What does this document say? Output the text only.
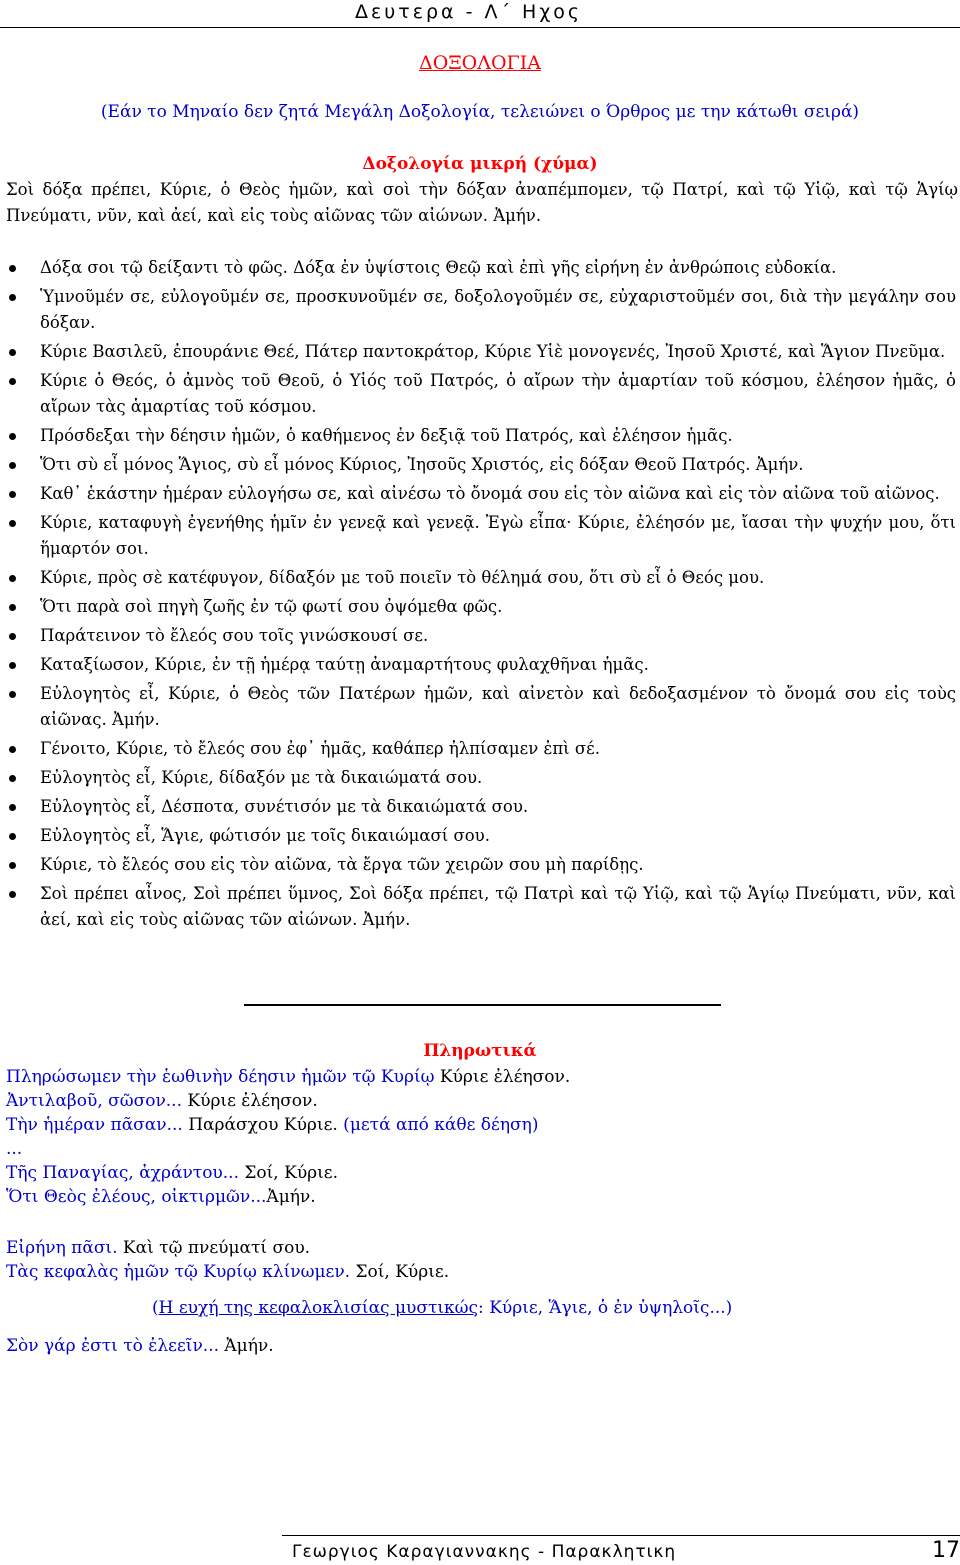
Δευτερα - Λ΄ Ηχος
ΔΟΞΟΛΟΓΙΑ
(Εάν το Μηναίο δεν ζητά Μεγάλη Δοξολογία, τελειώνει ο Όρθρος με την κάτωθι σειρά)
Δοξολογία μικρή (χύμα)
Σοὶ δόξα πρέπει, Κύριε, ὁ Θεὸς ἡμῶν, καὶ σοὶ τὴν δόξαν ἀναπέμπομεν, τῷ Πατρί, καὶ τῷ Υἱῷ, καὶ τῷ Ἁγίῳ Πνεύματι, νῦν, καὶ ἀεί, καὶ εἰς τοὺς αἰῶνας τῶν αἰώνων. Ἀμήν.
Δόξα σοι τῷ δείξαντι τὸ φῶς. Δόξα ἐν ὑψίστοις Θεῷ καὶ ἐπὶ γῆς εἰρήνη ἐν ἀνθρώποις εὐδοκία.
Ὑμνοῦμέν σε, εὐλογοῦμέν σε, προσκυνοῦμέν σε, δοξολογοῦμέν σε, εὐχαριστοῦμέν σοι, διὰ τὴν μεγάλην σου δόξαν.
Κύριε Βασιλεῦ, ἐπουράνιε Θεέ, Πάτερ παντοκράτορ, Κύριε Υἱὲ μονογενές, Ἰησοῦ Χριστέ, καὶ Ἅγιον Πνεῦμα.
Κύριε ὁ Θεός, ὁ ἀμνὸς τοῦ Θεοῦ, ὁ Υἱός τοῦ Πατρός, ὁ αἴρων τὴν ἁμαρτίαν τοῦ κόσμου, ἐλέησον ἡμᾶς, ὁ αἴρων τὰς ἁμαρτίας τοῦ κόσμου.
Πρόσδεξαι τὴν δέησιν ἡμῶν, ὁ καθήμενος ἐν δεξιᾷ τοῦ Πατρός, καὶ ἐλέησον ἡμᾶς.
Ὅτι σὺ εἶ μόνος Ἅγιος, σὺ εἶ μόνος Κύριος, Ἰησοῦς Χριστός, εἰς δόξαν Θεοῦ Πατρός. Ἀμήν.
Καθ᾽ ἑκάστην ἡμέραν εὐλογήσω σε, καὶ αἰνέσω τὸ ὄνομά σου εἰς τὸν αἰῶνα καὶ εἰς τὸν αἰῶνα τοῦ αἰῶνος.
Κύριε, καταφυγὴ ἐγενήθης ἡμῖν ἐν γενεᾷ καὶ γενεᾷ. Ἐγὼ εἶπα· Κύριε, ἐλέησόν με, ἴασαι τὴν ψυχήν μου, ὅτι ἥμαρτόν σοι.
Κύριε, πρὸς σὲ κατέφυγον, δίδαξόν με τοῦ ποιεῖν τὸ θέλημά σου, ὅτι σὺ εἶ ὁ Θεός μου.
Ὅτι παρὰ σοὶ πηγὴ ζωῆς ἐν τῷ φωτί σου ὀψόμεθα φῶς.
Παράτεινον τὸ ἔλεός σου τοῖς γινώσκουσί σε.
Καταξίωσον, Κύριε, ἐν τῇ ἡμέρᾳ ταύτῃ ἀναμαρτήτους φυλαχθῆναι ἡμᾶς.
Εὐλογητὸς εἶ, Κύριε, ὁ Θεὸς τῶν Πατέρων ἡμῶν, καὶ αἰνετὸν καὶ δεδοξασμένον τὸ ὄνομά σου εἰς τοὺς αἰῶνας. Ἀμήν.
Γένοιτο, Κύριε, τὸ ἔλεός σου ἐφ᾽ ἡμᾶς, καθάπερ ἠλπίσαμεν ἐπὶ σέ.
Εὐλογητὸς εἶ, Κύριε, δίδαξόν με τὰ δικαιώματά σου.
Εὐλογητὸς εἶ, Δέσποτα, συνέτισόν με τὰ δικαιώματά σου.
Εὐλογητὸς εἶ, Ἅγιε, φώτισόν με τοῖς δικαιώμασί σου.
Κύριε, τὸ ἔλεός σου εἰς τὸν αἰῶνα, τὰ ἔργα τῶν χειρῶν σου μὴ παρίδῃς.
Σοὶ πρέπει αἶνος, Σοὶ πρέπει ὕμνος, Σοὶ δόξα πρέπει, τῷ Πατρὶ καὶ τῷ Υἱῷ, καὶ τῷ Ἁγίῳ Πνεύματι, νῦν, καὶ ἀεί, καὶ εἰς τοὺς αἰῶνας τῶν αἰώνων. Ἀμήν.
Πληρωτικά
Πληρώσωμεν τὴν ἑωθινὴν δέησιν ἡμῶν τῷ Κυρίῳ Κύριε ἐλέησον.
Ἀντιλαβοῦ, σῶσον... Κύριε ἐλέησον.
Τὴν ἡμέραν πᾶσαν... Παράσχου Κύριε. (μετά από κάθε δέηση)
...
Τῆς Παναγίας, ἀχράντου... Σοί, Κύριε.
Ὅτι Θεὸς ἐλέους, οἰκτιρμῶν...Ἀμήν.
Εἰρήνη πᾶσι. Καὶ τῷ πνεύματί σου.
Τὰς κεφαλὰς ἡμῶν τῷ Κυρίῳ κλίνωμεν. Σοί, Κύριε.
(Η ευχή της κεφαλοκλισίας μυστικώς: Κύριε, Ἅγιε, ὁ ἐν ὑψηλοῖς...)
Σὸν γάρ ἐστι τὸ ἐλεεῖν... Ἀμήν.
Γεωργιος Καραγιαννακης - Παρακλητικη	17
